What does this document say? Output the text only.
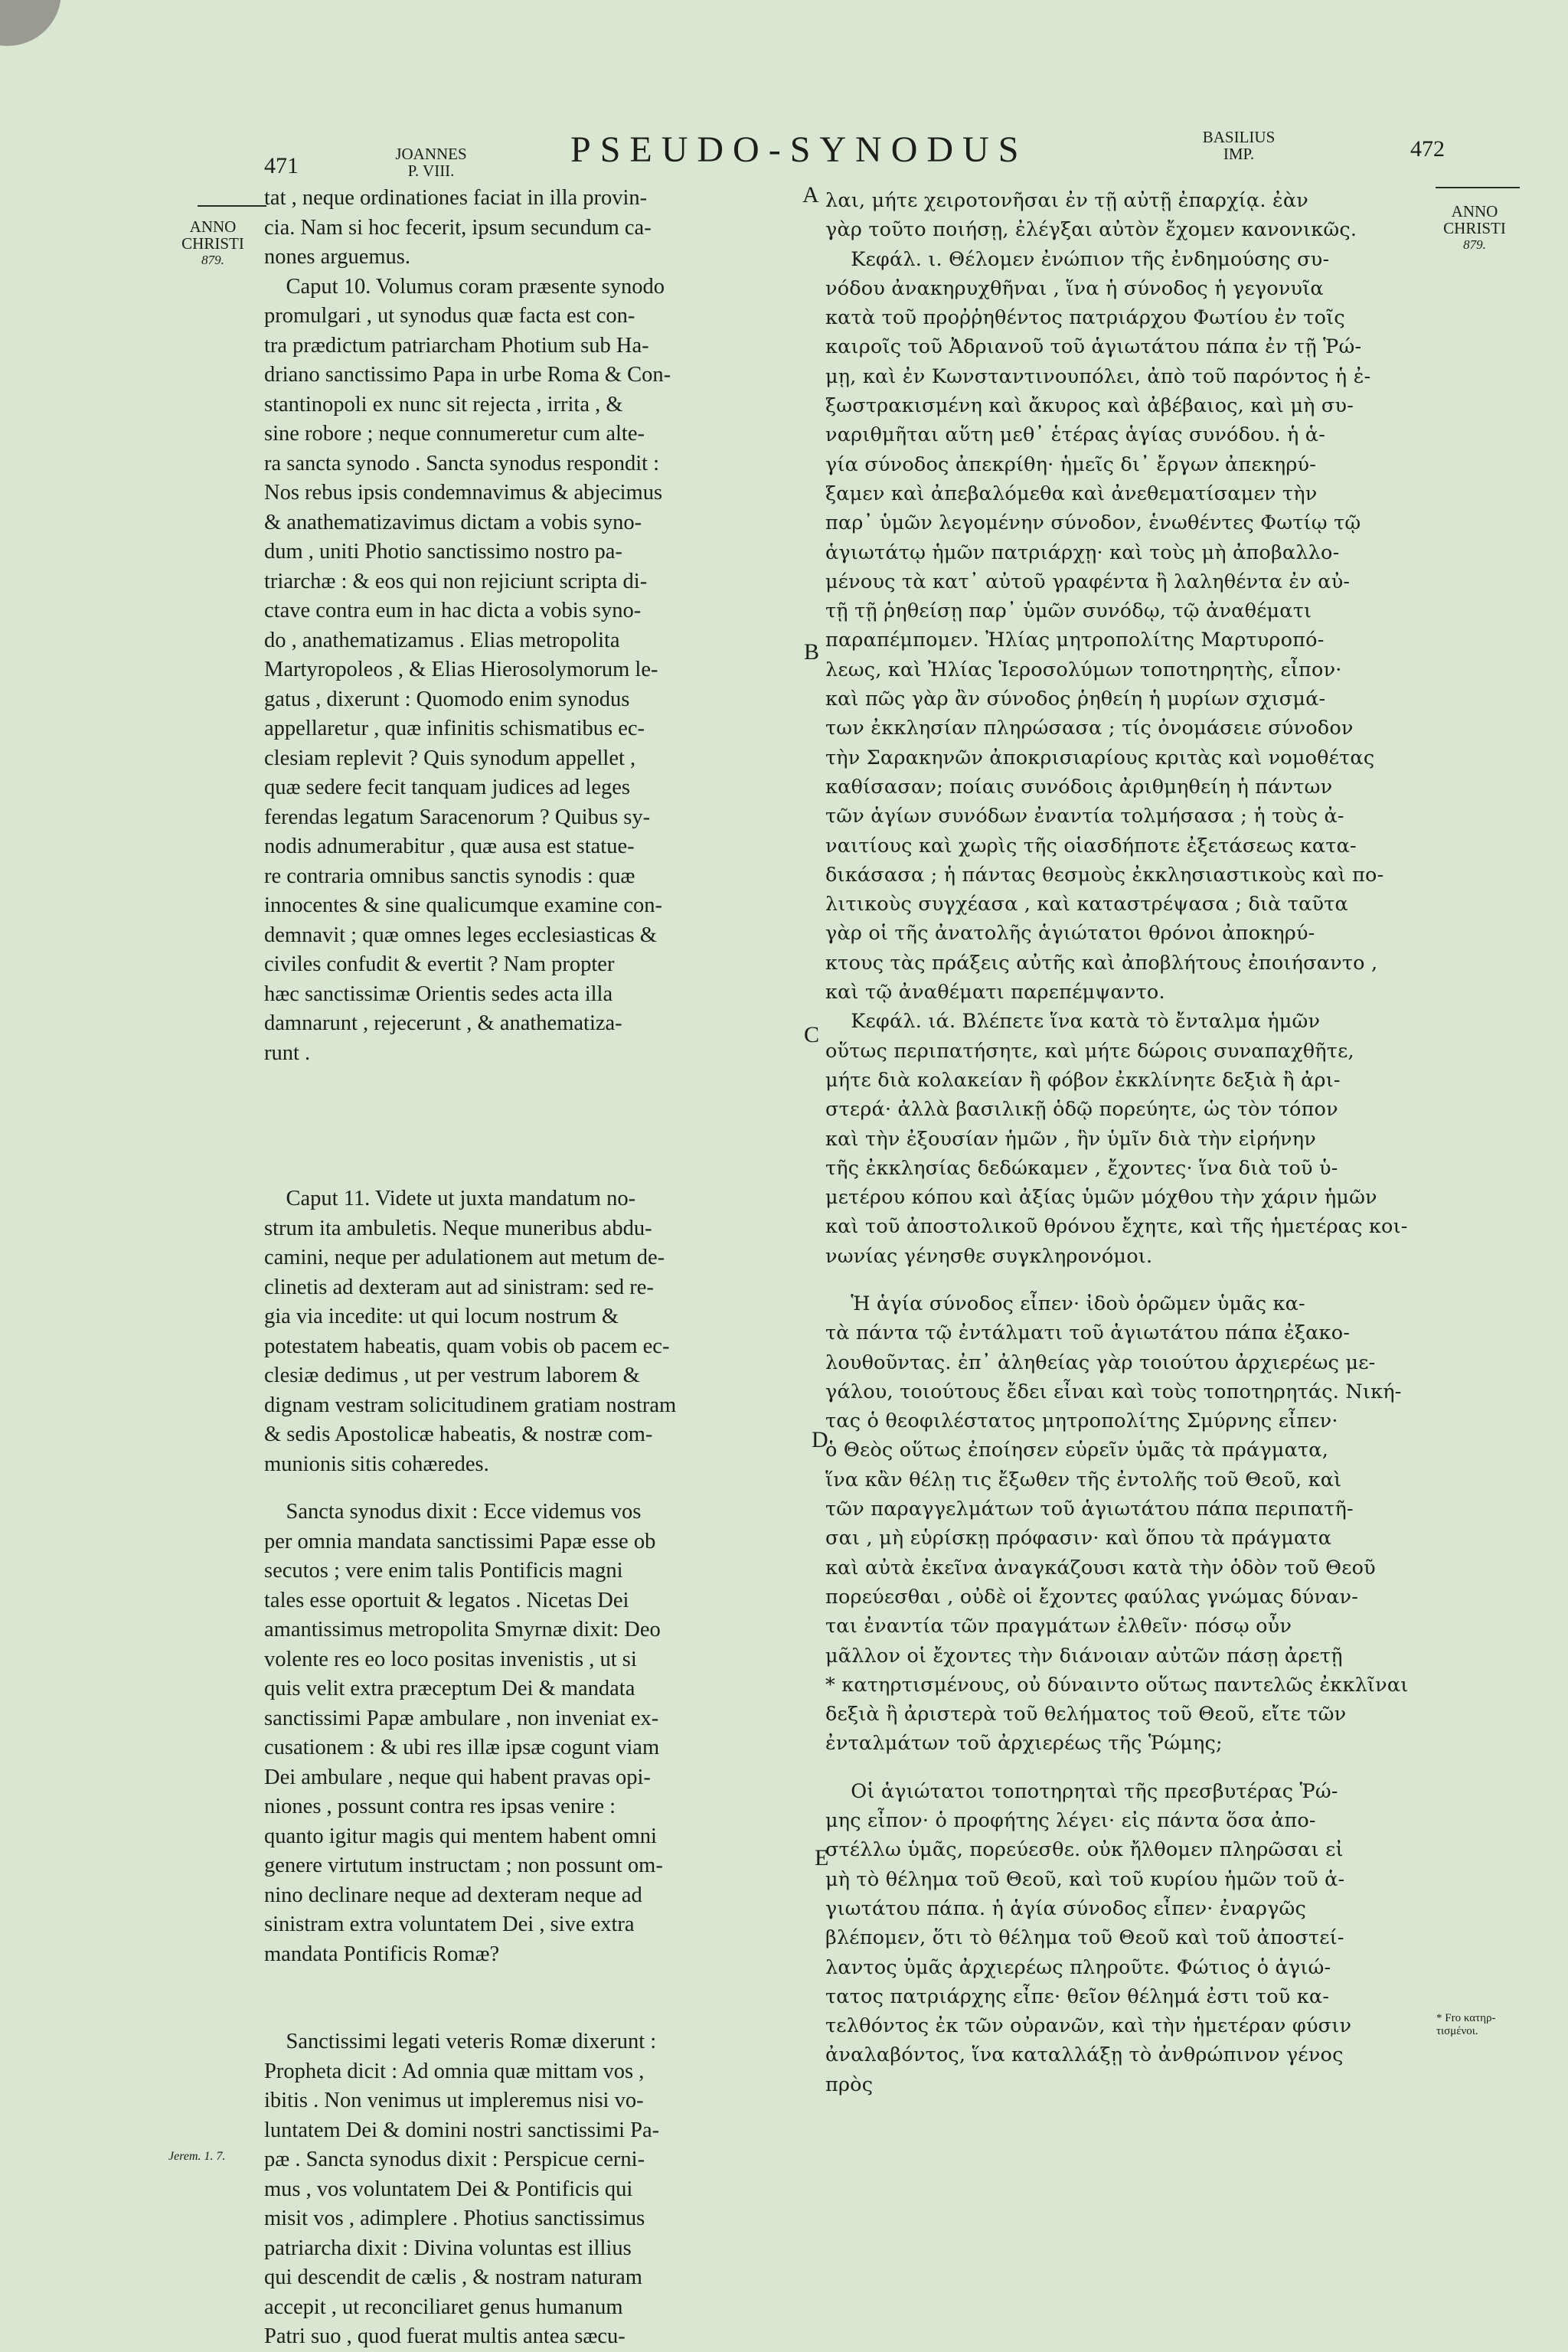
471	JOANNES
P. VIII.
PSEUDO-SYNODUS	BASILIUS
IMP.	472
ANNO
CHRISTI
879.
ANNO
CHRISTI
879.
Jerem. 1. 7.
* Fro κατηρ-
τισμένοι.
A
B
C
D
E

tat , neque ordinationes faciat in illa provin-
cia. Nam si hoc fecerit, ipsum secundum ca-
nones arguemus.
Caput 10. Volumus coram præsente synodo
promulgari , ut synodus quæ facta est con-
tra prædictum patriarcham Photium sub Ha-
driano sanctissimo Papa in urbe Roma & Con-
stantinopoli ex nunc sit rejecta , irrita , &
sine robore ; neque connumeretur cum alte-
ra sancta synodo . Sancta synodus respondit :
Nos rebus ipsis condemnavimus & abjecimus
& anathematizavimus dictam a vobis syno-
dum , uniti Photio sanctissimo nostro pa-
triarchæ : & eos qui non rejiciunt scripta di-
ctave contra eum in hac dicta a vobis syno-
do , anathematizamus . Elias metropolita
Martyropoleos , & Elias Hierosolymorum le-
gatus , dixerunt : Quomodo enim synodus
appellaretur , quæ infinitis schismatibus ec-
clesiam replevit ? Quis synodum appellet ,
quæ sedere fecit tanquam judices ad leges
ferendas legatum Saracenorum ? Quibus sy-
nodis adnumerabitur , quæ ausa est statue-
re contraria omnibus sanctis synodis : quæ
innocentes & sine qualicumque examine con-
demnavit ; quæ omnes leges ecclesiasticas &
civiles confudit & evertit ? Nam propter
hæc sanctissimæ Orientis sedes acta illa
damnarunt , rejecerunt , & anathematiza-
runt .

Caput 11. Videte ut juxta mandatum no-
strum ita ambuletis. Neque muneribus abdu-
camini, neque per adulationem aut metum de-
clinetis ad dexteram aut ad sinistram: sed re-
gia via incedite: ut qui locum nostrum &
potestatem habeatis, quam vobis ob pacem ec-
clesiæ dedimus , ut per vestrum laborem &
dignam vestram solicitudinem gratiam nostram
& sedis Apostolicæ habeatis, & nostræ com-
munionis sitis cohæredes.

Sancta synodus dixit : Ecce videmus vos
per omnia mandata sanctissimi Papæ esse ob
secutos ; vere enim talis Pontificis magni
tales esse oportuit & legatos . Nicetas Dei
amantissimus metropolita Smyrnæ dixit: Deo
volente res eo loco positas invenistis , ut si
quis velit extra præceptum Dei & mandata
sanctissimi Papæ ambulare , non inveniat ex-
cusationem : & ubi res illæ ipsæ cogunt viam
Dei ambulare , neque qui habent pravas opi-
niones , possunt contra res ipsas venire :
quanto igitur magis qui mentem habent omni
genere virtutum instructam ; non possunt om-
nino declinare neque ad dexteram neque ad
sinistram extra voluntatem Dei , sive extra
mandata Pontificis Romæ?

Sanctissimi legati veteris Romæ dixerunt :
Propheta dicit : Ad omnia quæ mittam vos ,
ibitis . Non venimus ut impleremus nisi vo-
luntatem Dei & domini nostri sanctissimi Pa-
pæ . Sancta synodus dixit : Perspicue cerni-
mus , vos voluntatem Dei & Pontificis qui
misit vos , adimplere . Photius sanctissimus
patriarcha dixit : Divina voluntas est illius
qui descendit de cælis , & nostram naturam
accepit , ut reconciliaret genus humanum
Patri suo , quod fuerat multis antea sæcu-

λαι, μήτε χειροτονῆσαι ἐν τῇ αὐτῇ ἐπαρχίᾳ. ἐὰν
γὰρ τοῦτο ποιήσῃ, ἐλέγξαι αὐτὸν ἔχομεν κανονικῶς.
Κεφάλ. ι. Θέλομεν ἐνώπιον τῆς ἐνδημούσης συ-
νόδου ἀνακηρυχθῆναι , ἵνα ἡ σύνοδος ἡ γεγονυῖα
κατὰ τοῦ προῤῥηθέντος πατριάρχου Φωτίου ἐν τοῖς
καιροῖς τοῦ Ἀδριανοῦ τοῦ ἁγιωτάτου πάπα ἐν τῇ Ῥώ-
μῃ, καὶ ἐν Κωνσταντινουπόλει, ἀπὸ τοῦ παρόντος ἡ ἐ-
ξωστρακισμένη καὶ ἄκυρος καὶ ἀβέβαιος, καὶ μὴ συ-
ναριθμῆται αὕτη μεθ᾽ ἑτέρας ἁγίας συνόδου. ἡ ἁ-
γία σύνοδος ἀπεκρίθη· ἡμεῖς δι᾽ ἔργων ἀπεκηρύ-
ξαμεν καὶ ἀπεβαλόμεθα καὶ ἀνεθεματίσαμεν τὴν
παρ᾽ ὑμῶν λεγομένην σύνοδον, ἑνωθέντες Φωτίῳ τῷ
ἁγιωτάτῳ ἡμῶν πατριάρχῃ· καὶ τοὺς μὴ ἀποβαλλο-
μένους τὰ κατ᾽ αὐτοῦ γραφέντα ἢ λαληθέντα ἐν αὐ-
τῇ τῇ ῥηθείσῃ παρ᾽ ὑμῶν συνόδῳ, τῷ ἀναθέματι
παραπέμπομεν. Ἠλίας μητροπολίτης Μαρτυροπό-
λεως, καὶ Ἠλίας Ἱεροσολύμων τοποτηρητὴς, εἶπον·
καὶ πῶς γὰρ ἂν σύνοδος ῥηθείη ἡ μυρίων σχισμά-
των ἐκκλησίαν πληρώσασα ; τίς ὀνομάσειε σύνοδον
τὴν Σαρακηνῶν ἀποκρισιαρίους κριτὰς καὶ νομοθέτας
καθίσασαν; ποίαις συνόδοις ἀριθμηθείη ἡ πάντων
τῶν ἁγίων συνόδων ἐναντία τολμήσασα ; ἡ τοὺς ἀ-
ναιτίους καὶ χωρὶς τῆς οἱασδήποτε ἐξετάσεως κατα-
δικάσασα ; ἡ πάντας θεσμοὺς ἐκκλησιαστικοὺς καὶ πο-
λιτικοὺς συγχέασα , καὶ καταστρέψασα ; διὰ ταῦτα
γὰρ οἱ τῆς ἀνατολῆς ἁγιώτατοι θρόνοι ἀποκηρύ-
κτους τὰς πράξεις αὐτῆς καὶ ἀποβλήτους ἐποιήσαντο ,
καὶ τῷ ἀναθέματι παρεπέμψαντο.
Κεφάλ. ιά. Βλέπετε ἵνα κατὰ τὸ ἔνταλμα ἡμῶν
οὕτως περιπατήσητε, καὶ μήτε δώροις συναπαχθῆτε,
μήτε διὰ κολακείαν ἢ φόβον ἐκκλίνητε δεξιὰ ἢ ἀρι-
στερά· ἀλλὰ βασιλικῇ ὁδῷ πορεύητε, ὡς τὸν τόπον
καὶ τὴν ἐξουσίαν ἡμῶν , ἣν ὑμῖν διὰ τὴν εἰρήνην
τῆς ἐκκλησίας δεδώκαμεν , ἔχοντες· ἵνα διὰ τοῦ ὑ-
μετέρου κόπου καὶ ἀξίας ὑμῶν μόχθου τὴν χάριν ἡμῶν
καὶ τοῦ ἀποστολικοῦ θρόνου ἔχητε, καὶ τῆς ἡμετέρας κοι-
νωνίας γένησθε συγκληρονόμοι.

Ἡ ἁγία σύνοδος εἶπεν· ἰδοὺ ὁρῶμεν ὑμᾶς κα-
τὰ πάντα τῷ ἐντάλματι τοῦ ἁγιωτάτου πάπα ἐξακο-
λουθοῦντας. ἐπ᾽ ἀληθείας γὰρ τοιούτου ἀρχιερέως με-
γάλου, τοιούτους ἔδει εἶναι καὶ τοὺς τοποτηρητάς. Νική-
τας ὁ θεοφιλέστατος μητροπολίτης Σμύρνης εἶπεν·
ὁ Θεὸς οὕτως ἐποίησεν εὑρεῖν ὑμᾶς τὰ πράγματα,
ἵνα κἂν θέλῃ τις ἔξωθεν τῆς ἐντολῆς τοῦ Θεοῦ, καὶ
τῶν παραγγελμάτων τοῦ ἁγιωτάτου πάπα περιπατῆ-
σαι , μὴ εὑρίσκῃ πρόφασιν· καὶ ὅπου τὰ πράγματα
καὶ αὐτὰ ἐκεῖνα ἀναγκάζουσι κατὰ τὴν ὁδὸν τοῦ Θεοῦ
πορεύεσθαι , οὐδὲ οἱ ἔχοντες φαύλας γνώμας δύναν-
ται ἐναντία τῶν πραγμάτων ἐλθεῖν· πόσῳ οὖν
μᾶλλον οἱ ἔχοντες τὴν διάνοιαν αὐτῶν πάσῃ ἀρετῇ
* κατηρτισμένους, οὐ δύναιντο οὕτως παντελῶς ἐκκλῖναι
δεξιὰ ἢ ἀριστερὰ τοῦ θελήματος τοῦ Θεοῦ, εἴτε τῶν
ἐνταλμάτων τοῦ ἀρχιερέως τῆς Ῥώμης;

Οἱ ἁγιώτατοι τοποτηρηταὶ τῆς πρεσβυτέρας Ῥώ-
μης εἶπον· ὁ προφήτης λέγει· εἰς πάντα ὅσα ἀπο-
στέλλω ὑμᾶς, πορεύεσθε. οὐκ ἤλθομεν πληρῶσαι εἰ
μὴ τὸ θέλημα τοῦ Θεοῦ, καὶ τοῦ κυρίου ἡμῶν τοῦ ἁ-
γιωτάτου πάπα. ἡ ἁγία σύνοδος εἶπεν· ἐναργῶς
βλέπομεν, ὅτι τὸ θέλημα τοῦ Θεοῦ καὶ τοῦ ἀποστεί-
λαντος ὑμᾶς ἀρχιερέως πληροῦτε. Φώτιος ὁ ἁγιώ-
τατος πατριάρχης εἶπε· θεῖον θέλημά ἐστι τοῦ κα-
τελθόντος ἐκ τῶν οὐρανῶν, καὶ τὴν ἡμετέραν φύσιν
ἀναλαβόντος, ἵνα καταλλάξῃ τὸ ἀνθρώπινον γένος
πρὸς
